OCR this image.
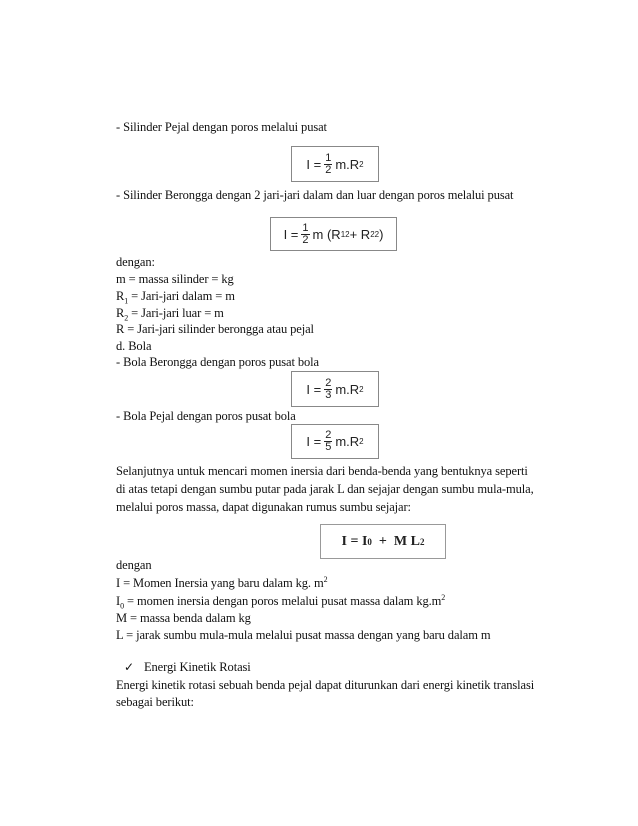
- Silinder Pejal dengan poros melalui pusat
$I = \frac{1}{2} m.R$ 2
- Silinder Berongga dengan 2 jari-jari dalam dan luar dengan poros melalui pusat
$I = \frac{1}{2}$ m (R 1 2 + R 2 2 )
dengan:
m = massa silinder = kg
$R_1$ = Jari-jari dalam = m
$R_2$ = Jari-jari luar = m
R = Jari-jari silinder berongga atau pejal
d. Bola
- Bola Berongga dengan poros pusat bola
$I = \frac{2}{3} m.R$ 2
- Bola Pejal dengan poros pusat bola
$I = \frac{2}{5} m.R$ 2
Selanjutnya untuk mencari momen inersia dari benda-benda yang bentuknya seperti
di atas tetapi dengan sumbu putar pada jarak L dan sejajar dengan sumbu mula-mula,
melalui poros massa, dapat digunakan rumus sumbu sejajar:
I = I 0 +  M L 2
dengan
I = Momen Inersia yang baru dalam kg. $m^2$
$I_0$ = momen inersia dengan poros melalui pusat massa dalam $kg.m^2$
M = massa benda dalam kg
L = jarak sumbu mula-mula melalui pusat massa dengan yang baru dalam m
✓ Energi Kinetik Rotasi
Energi kinetik rotasi sebuah benda pejal dapat diturunkan dari energi kinetik translasi
sebagai berikut:
